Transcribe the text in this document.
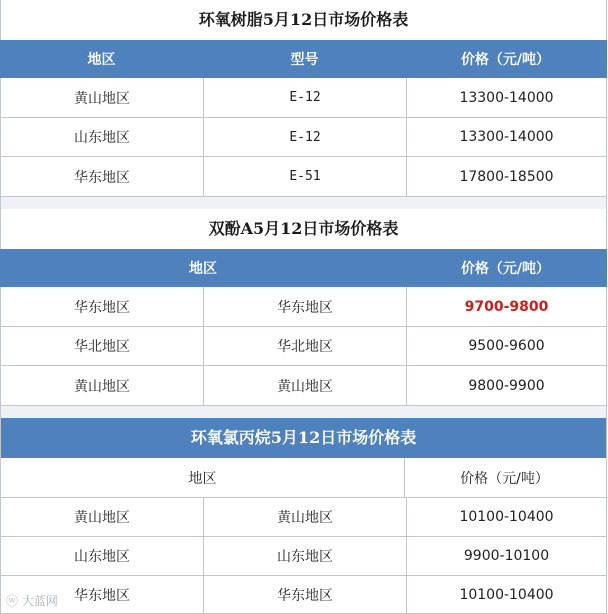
环氧树脂5月12日市场价格表
地区	型号	价格（元/吨）
黄山地区	E-12	13300-14000
山东地区	E-12	13300-14000
华东地区	E-51	17800-18500
双酚A5月12日市场价格表
地区	价格（元/吨）
华东地区	华东地区	9700-9800
华北地区	华北地区	9500-9600
黄山地区	黄山地区	9800-9900
环氧氯丙烷5月12日市场价格表
地区	价格（元/吨）
黄山地区	黄山地区	10100-10400
山东地区	山东地区	9900-10100
华东地区	华东地区	10100-10400
ⓦ 大蓝网
